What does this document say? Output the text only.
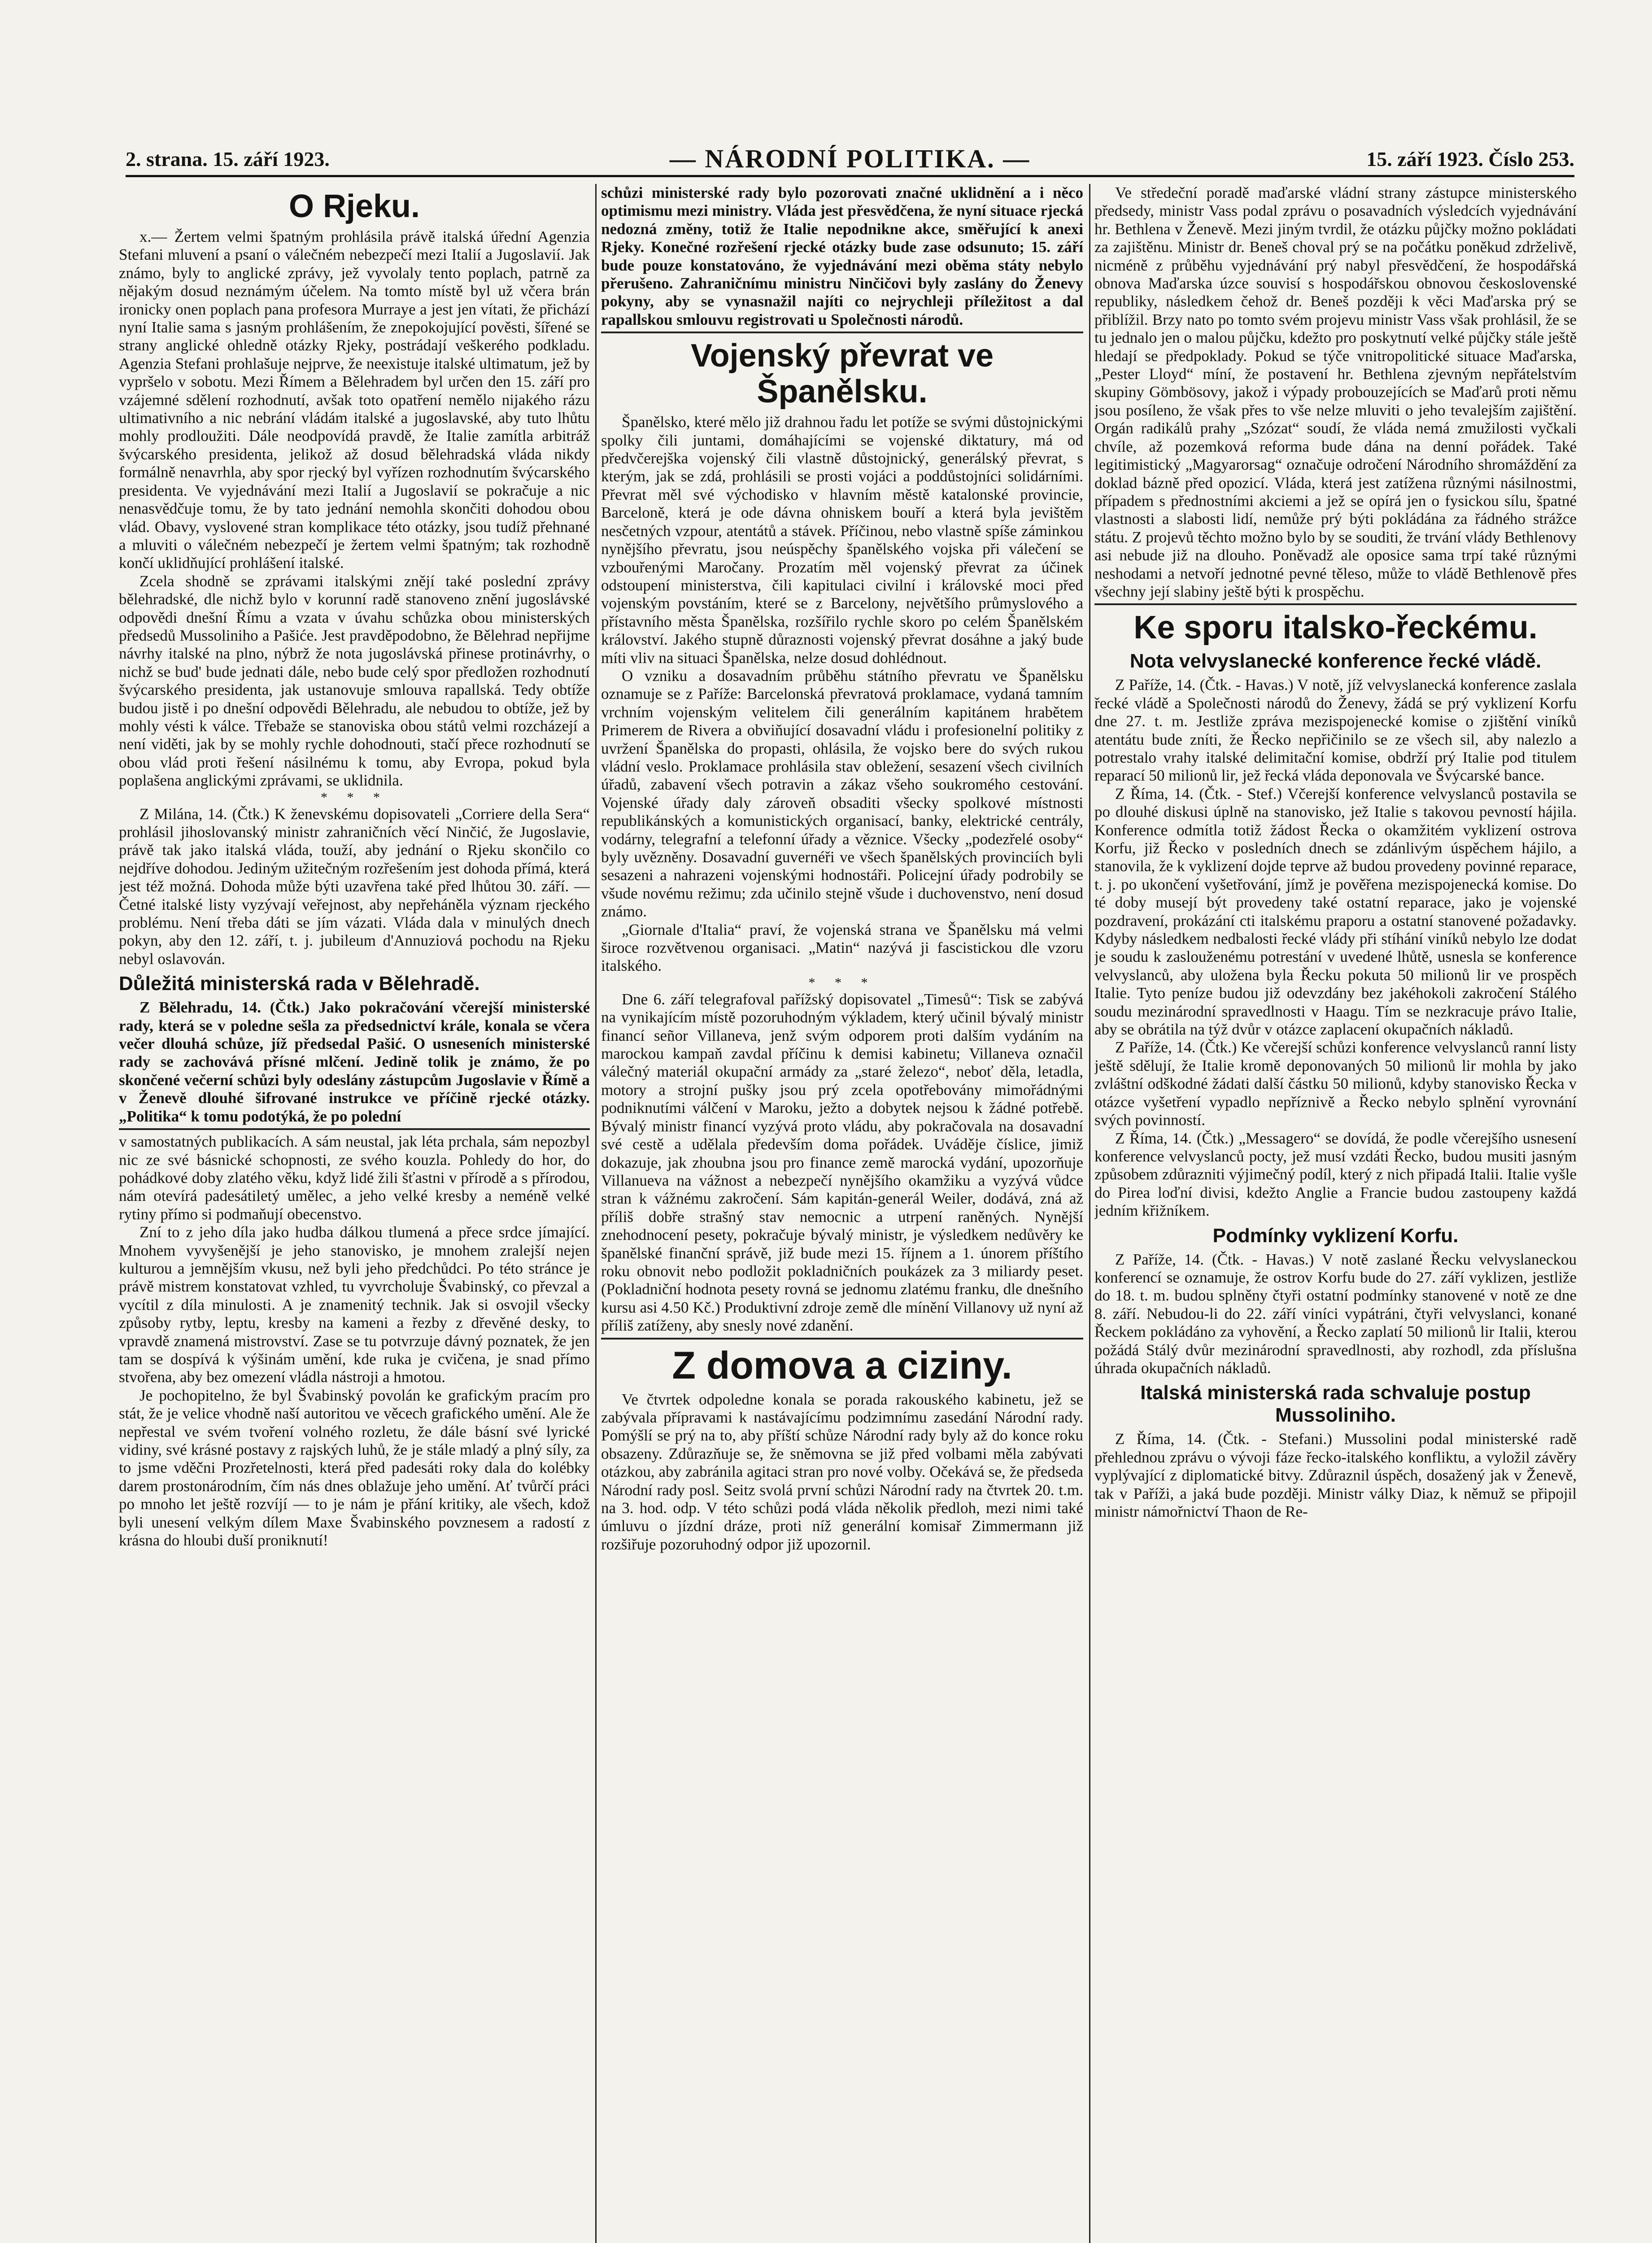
2. strana. 15. září 1923.	— NÁRODNÍ POLITIKA. —	15. září 1923. Číslo 253.
O Rjeku.

x.— Žertem velmi špatným prohlásila právě italská úřední Agenzia Stefani mluvení a psaní o válečném nebezpečí mezi Italií a Jugoslavií. Jak známo, byly to anglické zprávy, jež vyvolaly tento poplach, patrně za nějakým dosud neznámým účelem. Na tomto místě byl už včera brán ironicky onen poplach pana profesora Murraye a jest jen vítati, že přichází nyní Italie sama s jasným prohlášením, že znepokojující pověsti, šířené se strany anglické ohledně otázky Rjeky, postrádají veškerého podkladu. Agenzia Stefani prohlašuje nejprve, že neexistuje italské ultimatum, jež by vypršelo v sobotu. Mezi Římem a Bělehradem byl určen den 15. září pro vzájemné sdělení rozhodnutí, avšak toto opatření nemělo nijakého rázu ultimativního a nic nebrání vládám italské a jugoslavské, aby tuto lhůtu mohly prodloužiti. Dále neodpovídá pravdě, že Italie zamítla arbitráž švýcarského presidenta, jelikož až dosud bělehradská vláda nikdy formálně nenavrhla, aby spor rjecký byl vyřízen rozhodnutím švýcarského presidenta. Ve vyjednávání mezi Italií a Jugoslavií se pokračuje a nic nenasvědčuje tomu, že by tato jednání nemohla skončiti dohodou obou vlád. Obavy, vyslovené stran komplikace této otázky, jsou tudíž přehnané a mluviti o válečném nebezpečí je žertem velmi špatným; tak rozhodně končí uklidňující prohlášení italské.

Zcela shodně se zprávami italskými znějí také poslední zprávy bělehradské, dle nichž bylo v korunní radě stanoveno znění jugoslávské odpovědi dnešní Římu a vzata v úvahu schůzka obou ministerských předsedů Mussoliniho a Pašiće. Jest pravděpodobno, že Bělehrad nepřijme návrhy italské na plno, nýbrž že nota jugoslávská přinese protinávrhy, o nichž se bud' bude jednati dále, nebo bude celý spor předložen rozhodnutí švýcarského presidenta, jak ustanovuje smlouva rapallská. Tedy obtíže budou jistě i po dnešní odpovědi Bělehradu, ale nebudou to obtíže, jež by mohly vésti k válce. Třebaže se stanoviska obou států velmi rozcházejí a není viděti, jak by se mohly rychle dohodnouti, stačí přece rozhodnutí se obou vlád proti řešení násilnému k tomu, aby Evropa, pokud byla poplašena anglickými zprávami, se uklidnila.

* * *

Z Milána, 14. (Čtk.) K ženevskému dopisovateli „Corriere della Sera“ prohlásil jihoslovanský ministr zahraničních věcí Ninčić, že Jugoslavie, právě tak jako italská vláda, touží, aby jednání o Rjeku skončilo co nejdříve dohodou. Jediným užitečným rozřešením jest dohoda přímá, která jest též možná. Dohoda může býti uzavřena také před lhůtou 30. září. — Četné italské listy vyzývají veřejnost, aby nepřeháněla význam rjeckého problému. Není třeba dáti se jím vázati. Vláda dala v minulých dnech pokyn, aby den 12. září, t. j. jubileum d'Annuziová pochodu na Rjeku nebyl oslavován.

Důležitá ministerská rada v Bělehradě.

Z Bělehradu, 14. (Čtk.) Jako pokračování včerejší ministerské rady, která se v poledne sešla za předsednictví krále, konala se včera večer dlouhá schůze, jíž předsedal Pašić. O usneseních ministerské rady se zachovává přísné mlčení. Jedině tolik je známo, že po skončené večerní schůzi byly odeslány zástupcům Jugoslavie v Římě a v Ženevě dlouhé šifrované instrukce ve příčině rjecké otázky. „Politika“ k tomu podotýká, že po polední

v samostatných publikacích. A sám neustal, jak léta prchala, sám nepozbyl nic ze své básnické schopnosti, ze svého kouzla. Pohledy do hor, do pohádkové doby zlatého věku, když lidé žili šťastni v přírodě a s přírodou, nám otevírá padesátiletý umělec, a jeho velké kresby a neméně velké rytiny přímo si podmaňují obecenstvo.

Zní to z jeho díla jako hudba dálkou tlumená a přece srdce jímající. Mnohem vyvyšenější je jeho stanovisko, je mnohem zralejší nejen kulturou a jemnějším vkusu, než byli jeho předchůdci. Po této stránce je právě mistrem konstatovat vzhled, tu vyvrcholuje Švabinský, co převzal a vycítil z díla minulosti. A je znamenitý technik. Jak si osvojil všecky způsoby rytby, leptu, kresby na kameni a řezby z dřevěné desky, to vpravdě znamená mistrovství. Zase se tu potvrzuje dávný poznatek, že jen tam se dospívá k výšinám umění, kde ruka je cvičena, je snad přímo stvořena, aby bez omezení vládla nástroji a hmotou.

Je pochopitelno, že byl Švabinský povolán ke grafickým pracím pro stát, že je velice vhodně naší autoritou ve věcech grafického umění. Ale že nepřestal ve svém tvoření volného rozletu, že dále básní své lyrické vidiny, své krásné postavy z rajských luhů, že je stále mladý a plný síly, za to jsme vděčni Prozřetelnosti, která před padesáti roky dala do kolébky darem prostonárodním, čím nás dnes oblažuje jeho umění. Ať tvůrčí práci po mnoho let ještě rozvíjí — to je nám je přání kritiky, ale všech, kdož byli unesení velkým dílem Maxe Švabinského povznesem a radostí z krásna do hloubi duší proniknutí!

schůzi ministerské rady bylo pozorovati značné uklidnění a i něco optimismu mezi ministry. Vláda jest přesvědčena, že nyní situace rjecká nedozná změny, totiž že Italie nepodnikne akce, směřující k anexi Rjeky. Konečné rozřešení rjecké otázky bude zase odsunuto; 15. září bude pouze konstatováno, že vyjednávání mezi oběma státy nebylo přerušeno. Zahraničnímu ministru Ninčičovi byly zaslány do Ženevy pokyny, aby se vynasnažil najíti co nejrychleji příležitost a dal rapallskou smlouvu registrovati u Společnosti národů.

Vojenský převrat ve Španělsku.

Španělsko, které mělo již drahnou řadu let potíže se svými důstojnickými spolky čili juntami, domáhajícími se vojenské diktatury, má od předvčerejška vojenský čili vlastně důstojnický, generálský převrat, s kterým, jak se zdá, prohlásili se prosti vojáci a poddůstojníci solidárními. Převrat měl své východisko v hlavním městě katalonské provincie, Barceloně, která je ode dávna ohniskem bouří a která byla jevištěm nesčetných vzpour, atentátů a stávek. Příčinou, nebo vlastně spíše záminkou nynějšího převratu, jsou neúspěchy španělského vojska při válečení se vzbouřenými Maročany. Prozatím měl vojenský převrat za účinek odstoupení ministerstva, čili kapitulaci civilní i královské moci před vojenským povstáním, které se z Barcelony, největšího průmyslového a přístavního města Španělska, rozšířilo rychle skoro po celém Španělském království. Jakého stupně důraznosti vojenský převrat dosáhne a jaký bude míti vliv na situaci Španělska, nelze dosud dohlédnout.

O vzniku a dosavadním průběhu státního převratu ve Španělsku oznamuje se z Paříže: Barcelonská převratová proklamace, vydaná tamním vrchním vojenským velitelem čili generálním kapitánem hrabětem Primerem de Rivera a obviňující dosavadní vládu i profesionelní politiky z uvržení Španělska do propasti, ohlásila, že vojsko bere do svých rukou vládní veslo. Proklamace prohlásila stav obležení, sesazení všech civilních úřadů, zabavení všech potravin a zákaz všeho soukromého cestování. Vojenské úřady daly zároveň obsaditi všecky spolkové místnosti republikánských a komunistických organisací, banky, elektrické centrály, vodárny, telegrafní a telefonní úřady a věznice. Všecky „podezřelé osoby“ byly uvězněny. Dosavadní guvernéři ve všech španělských provinciích byli sesazeni a nahrazeni vojenskými hodnostáři. Policejní úřady podrobily se všude novému režimu; zda učinilo stejně všude i duchovenstvo, není dosud známo.

„Giornale d'Italia“ praví, že vojenská strana ve Španělsku má velmi široce rozvětvenou organisaci. „Matin“ nazývá ji fascistickou dle vzoru italského.

* * *

Dne 6. září telegrafoval pařížský dopisovatel „Timesů“: Tisk se zabývá na vynikajícím místě pozoruhodným výkladem, který učinil bývalý ministr financí señor Villaneva, jenž svým odporem proti dalším vydáním na marockou kampaň zavdal příčinu k demisi kabinetu; Villaneva označil válečný materiál okupační armády za „staré železo“, neboť děla, letadla, motory a strojní pušky jsou prý zcela opotřebovány mimořádnými podniknutími válčení v Maroku, ježto a dobytek nejsou k žádné potřebě. Bývalý ministr financí vyzývá proto vládu, aby pokračovala na dosavadní své cestě a udělala především doma pořádek. Uváděje číslice, jimiž dokazuje, jak zhoubna jsou pro finance země marocká vydání, upozorňuje Villanueva na vážnost a nebezpečí nynějšího okamžiku a vyzývá vůdce stran k vážnému zakročení. Sám kapitán-generál Weiler, dodává, zná až příliš dobře strašný stav nemocnic a utrpení raněných. Nynější znehodnocení pesety, pokračuje bývalý ministr, je výsledkem nedůvěry ke španělské finanční správě, již bude mezi 15. říjnem a 1. únorem příštího roku obnovit nebo podložit pokladničních poukázek za 3 miliardy peset. (Pokladniční hodnota pesety rovná se jednomu zlatému franku, dle dnešního kursu asi 4.50 Kč.) Produktivní zdroje země dle mínění Villanovy už nyní až příliš zatíženy, aby snesly nové zdanění.

Z domova a ciziny.

Ve čtvrtek odpoledne konala se porada rakouského kabinetu, jež se zabývala přípravami k nastávajícímu podzimnímu zasedání Národní rady. Pomýšlí se prý na to, aby příští schůze Národní rady byly až do konce roku obsazeny. Zdůrazňuje se, že sněmovna se již před volbami měla zabývati otázkou, aby zabránila agitaci stran pro nové volby. Očekává se, že předseda Národní rady posl. Seitz svolá první schůzi Národní rady na čtvrtek 20. t.m. na 3. hod. odp. V této schůzi podá vláda několik předloh, mezi nimi také úmluvu o jízdní dráze, proti níž generální komisař Zimmermann již rozšiřuje pozoruhodný odpor již upozornil.

Ve středeční poradě maďarské vládní strany zástupce ministerského předsedy, ministr Vass podal zprávu o posavadních výsledcích vyjednávání hr. Bethlena v Ženevě. Mezi jiným tvrdil, že otázku půjčky možno pokládati za zajištěnu. Ministr dr. Beneš choval prý se na počátku poněkud zdrželivě, nicméně z průběhu vyjednávání prý nabyl přesvědčení, že hospodářská obnova Maďarska úzce souvisí s hospodářskou obnovou československé republiky, následkem čehož dr. Beneš později k věci Maďarska prý se přiblížil. Brzy nato po tomto svém projevu ministr Vass však prohlásil, že se tu jednalo jen o malou půjčku, kdežto pro poskytnutí velké půjčky stále ještě hledají se předpoklady. Pokud se týče vnitropolitické situace Maďarska, „Pester Lloyd“ míní, že postavení hr. Bethlena zjevným nepřátelstvím skupiny Gömbösovy, jakož i výpady probouzejících se Maďarů proti němu jsou posíleno, že však přes to vše nelze mluviti o jeho tevalejším zajištění. Orgán radikálů prahy „Szózat“ soudí, že vláda nemá zmužilosti vyčkali chvíle, až pozemková reforma bude dána na denní pořádek. Také legitimistický „Magyarorsag“ označuje odročení Národního shromáždění za doklad bázně před opozicí. Vláda, která jest zatížena různými násilnostmi, případem s přednostními akciemi a jež se opírá jen o fysickou sílu, špatné vlastnosti a slabosti lidí, nemůže prý býti pokládána za řádného strážce státu. Z projevů těchto možno bylo by se souditi, že trvání vlády Bethlenovy asi nebude již na dlouho. Poněvadž ale oposice sama trpí také různými neshodami a netvoří jednotné pevné těleso, může to vládě Bethlenově přes všechny její slabiny ještě býti k prospěchu.

Ke sporu italsko-řeckému.
Nota velvyslanecké konference řecké vládě.

Z Paříže, 14. (Čtk. - Havas.) V notě, jíž velvyslanecká konference zaslala řecké vládě a Společnosti národů do Ženevy, žádá se prý vyklizení Korfu dne 27. t. m. Jestliže zpráva mezispojenecké komise o zjištění viníků atentátu bude zníti, že Řecko nepřičinilo se ze všech sil, aby nalezlo a potrestalo vrahy italské delimitační komise, obdrží prý Italie pod titulem reparací 50 milionů lir, jež řecká vláda deponovala ve Švýcarské bance.

Z Říma, 14. (Čtk. - Stef.) Včerejší konference velvyslanců postavila se po dlouhé diskusi úplně na stanovisko, jež Italie s takovou pevností hájila. Konference odmítla totiž žádost Řecka o okamžitém vyklizení ostrova Korfu, již Řecko v posledních dnech se zdánlivým úspěchem hájilo, a stanovila, že k vyklizení dojde teprve až budou provedeny povinné reparace, t. j. po ukončení vyšetřování, jímž je pověřena mezispojenecká komise. Do té doby musejí být provedeny také ostatní reparace, jako je vojenské pozdravení, prokázání cti italskému praporu a ostatní stanovené požadavky. Kdyby následkem nedbalosti řecké vlády při stíhání viníků nebylo lze dodat je soudu k zaslouženému potrestání v uvedené lhůtě, usnesla se konference velvyslanců, aby uložena byla Řecku pokuta 50 milionů lir ve prospěch Italie. Tyto peníze budou již odevzdány bez jakéhokoli zakročení Stálého soudu mezinárodní spravedlnosti v Haagu. Tím se nezkracuje právo Italie, aby se obrátila na týž dvůr v otázce zaplacení okupačních nákladů.

Z Paříže, 14. (Čtk.) Ke včerejší schůzi konference velvyslanců ranní listy ještě sdělují, že Italie kromě deponovaných 50 milionů lir mohla by jako zvláštní odškodné žádati další částku 50 milionů, kdyby stanovisko Řecka v otázce vyšetření vypadlo nepříznivě a Řecko nebylo splnění vyrovnání svých povinností.

Z Říma, 14. (Čtk.) „Messagero“ se dovídá, že podle včerejšího usnesení konference velvyslanců pocty, jež musí vzdáti Řecko, budou musiti jasným způsobem zdůrazniti výjimečný podíl, který z nich připadá Italii. Italie vyšle do Pirea loďní divisi, kdežto Anglie a Francie budou zastoupeny každá jedním křižníkem.

Podmínky vyklizení Korfu.

Z Paříže, 14. (Čtk. - Havas.) V notě zaslané Řecku velvyslaneckou konferencí se oznamuje, že ostrov Korfu bude do 27. září vyklizen, jestliže do 18. t. m. budou splněny čtyři ostatní podmínky stanovené v notě ze dne 8. září. Nebudou-li do 22. září viníci vypátráni, čtyři velvyslanci, konané Řeckem pokládáno za vyhovění, a Řecko zaplatí 50 milionů lir Italii, kterou požádá Stálý dvůr mezinárodní spravedlnosti, aby rozhodl, zda příslušna úhrada okupačních nákladů.

Italská ministerská rada schvaluje postup Mussoliniho.

Z Říma, 14. (Čtk. - Stefani.) Mussolini podal ministerské radě přehlednou zprávu o vývoji fáze řecko-italského konfliktu, a vyložil závěry vyplývající z diplomatické bitvy. Zdůraznil úspěch, dosažený jak v Ženevě, tak v Paříži, a jaká bude později. Ministr války Diaz, k němuž se připojil ministr námořnictví Thaon de Re-
